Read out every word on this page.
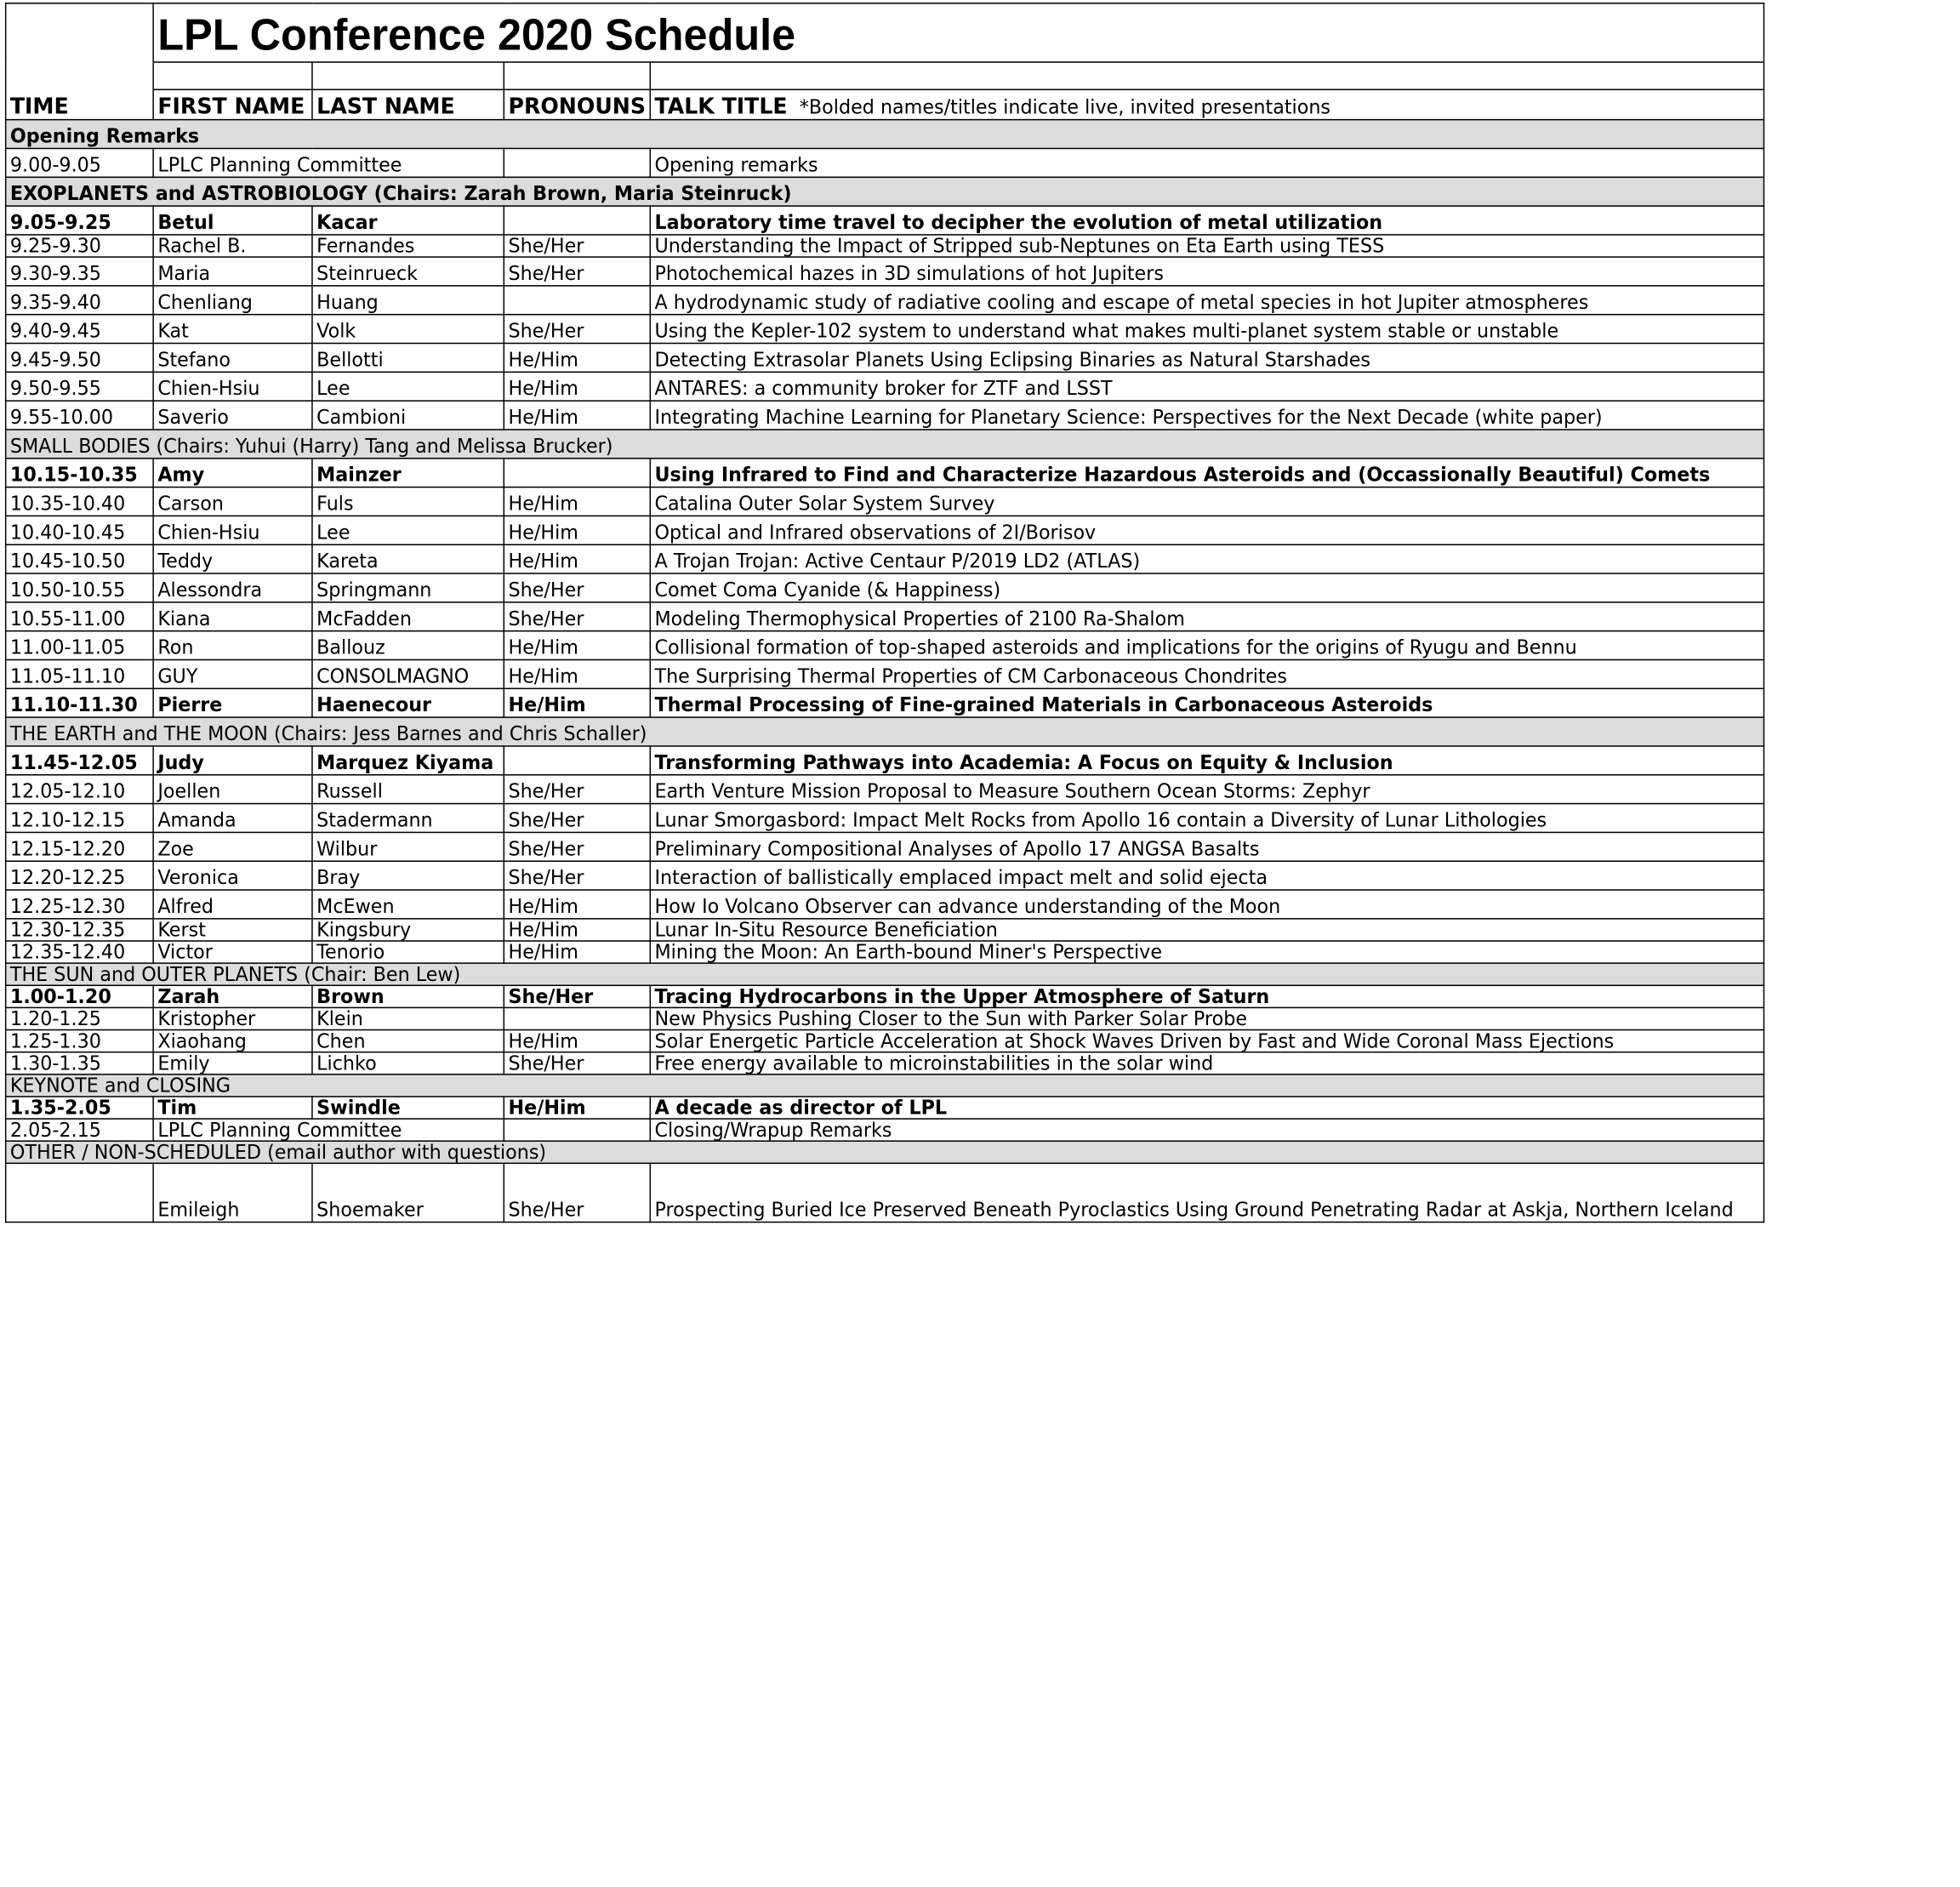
	LPL Conference 2020 Schedule			

TIME	FIRST NAME	LAST NAME	PRONOUNS	TALK TITLE *Bolded names/titles indicate live, invited presentations
Opening Remarks				
9.00-9.05	LPLC Planning Committee			Opening remarks
EXOPLANETS and ASTROBIOLOGY (Chairs: Zarah Brown, Maria Steinruck)				
9.05-9.25	Betul	Kacar		Laboratory time travel to decipher the evolution of metal utilization
9.25-9.30	Rachel B.	Fernandes	She/Her	Understanding the Impact of Stripped sub-Neptunes on Eta Earth using TESS
9.30-9.35	Maria	Steinrueck	She/Her	Photochemical hazes in 3D simulations of hot Jupiters
9.35-9.40	Chenliang	Huang		A hydrodynamic study of radiative cooling and escape of metal species in hot Jupiter atmospheres
9.40-9.45	Kat	Volk	She/Her	Using the Kepler-102 system to understand what makes multi-planet system stable or unstable
9.45-9.50	Stefano	Bellotti	He/Him	Detecting Extrasolar Planets Using Eclipsing Binaries as Natural Starshades
9.50-9.55	Chien-Hsiu	Lee	He/Him	ANTARES: a community broker for ZTF and LSST
9.55-10.00	Saverio	Cambioni	He/Him	Integrating Machine Learning for Planetary Science: Perspectives for the Next Decade (white paper)
SMALL BODIES (Chairs: Yuhui (Harry) Tang and Melissa Brucker)				
10.15-10.35	Amy	Mainzer		Using Infrared to Find and Characterize Hazardous Asteroids and (Occassionally Beautiful) Comets
10.35-10.40	Carson	Fuls	He/Him	Catalina Outer Solar System Survey
10.40-10.45	Chien-Hsiu	Lee	He/Him	Optical and Infrared observations of 2I/Borisov
10.45-10.50	Teddy	Kareta	He/Him	A Trojan Trojan: Active Centaur P/2019 LD2 (ATLAS)
10.50-10.55	Alessondra	Springmann	She/Her	Comet Coma Cyanide (& Happiness)
10.55-11.00	Kiana	McFadden	She/Her	Modeling Thermophysical Properties of 2100 Ra-Shalom
11.00-11.05	Ron	Ballouz	He/Him	Collisional formation of top-shaped asteroids and implications for the origins of Ryugu and Bennu
11.05-11.10	GUY	CONSOLMAGNO	He/Him	The Surprising Thermal Properties of CM Carbonaceous Chondrites
11.10-11.30	Pierre	Haenecour	He/Him	Thermal Processing of Fine-grained Materials in Carbonaceous Asteroids
THE EARTH and THE MOON (Chairs: Jess Barnes and Chris Schaller)				
11.45-12.05	Judy	Marquez Kiyama		Transforming Pathways into Academia: A Focus on Equity & Inclusion
12.05-12.10	Joellen	Russell	She/Her	Earth Venture Mission Proposal to Measure Southern Ocean Storms: Zephyr
12.10-12.15	Amanda	Stadermann	She/Her	Lunar Smorgasbord: Impact Melt Rocks from Apollo 16 contain a Diversity of Lunar Lithologies
12.15-12.20	Zoe	Wilbur	She/Her	Preliminary Compositional Analyses of Apollo 17 ANGSA Basalts
12.20-12.25	Veronica	Bray	She/Her	Interaction of ballistically emplaced impact melt and solid ejecta
12.25-12.30	Alfred	McEwen	He/Him	How Io Volcano Observer can advance understanding of the Moon
12.30-12.35	Kerst	Kingsbury	He/Him	Lunar In-Situ Resource Beneficiation
12.35-12.40	Victor	Tenorio	He/Him	Mining the Moon: An Earth-bound Miner's Perspective
THE SUN and OUTER PLANETS (Chair: Ben Lew)				
1.00-1.20	Zarah	Brown	She/Her	Tracing Hydrocarbons in the Upper Atmosphere of Saturn
1.20-1.25	Kristopher	Klein		New Physics Pushing Closer to the Sun with Parker Solar Probe
1.25-1.30	Xiaohang	Chen	He/Him	Solar Energetic Particle Acceleration at Shock Waves Driven by Fast and Wide Coronal Mass Ejections
1.30-1.35	Emily	Lichko	She/Her	Free energy available to microinstabilities in the solar wind
KEYNOTE and CLOSING				
1.35-2.05	Tim	Swindle	He/Him	A decade as director of LPL
2.05-2.15	LPLC Planning Committee			Closing/Wrapup Remarks
OTHER / NON-SCHEDULED (email author with questions)				
	Emileigh	Shoemaker	She/Her	Prospecting Buried Ice Preserved Beneath Pyroclastics Using Ground Penetrating Radar at Askja, Northern Iceland
